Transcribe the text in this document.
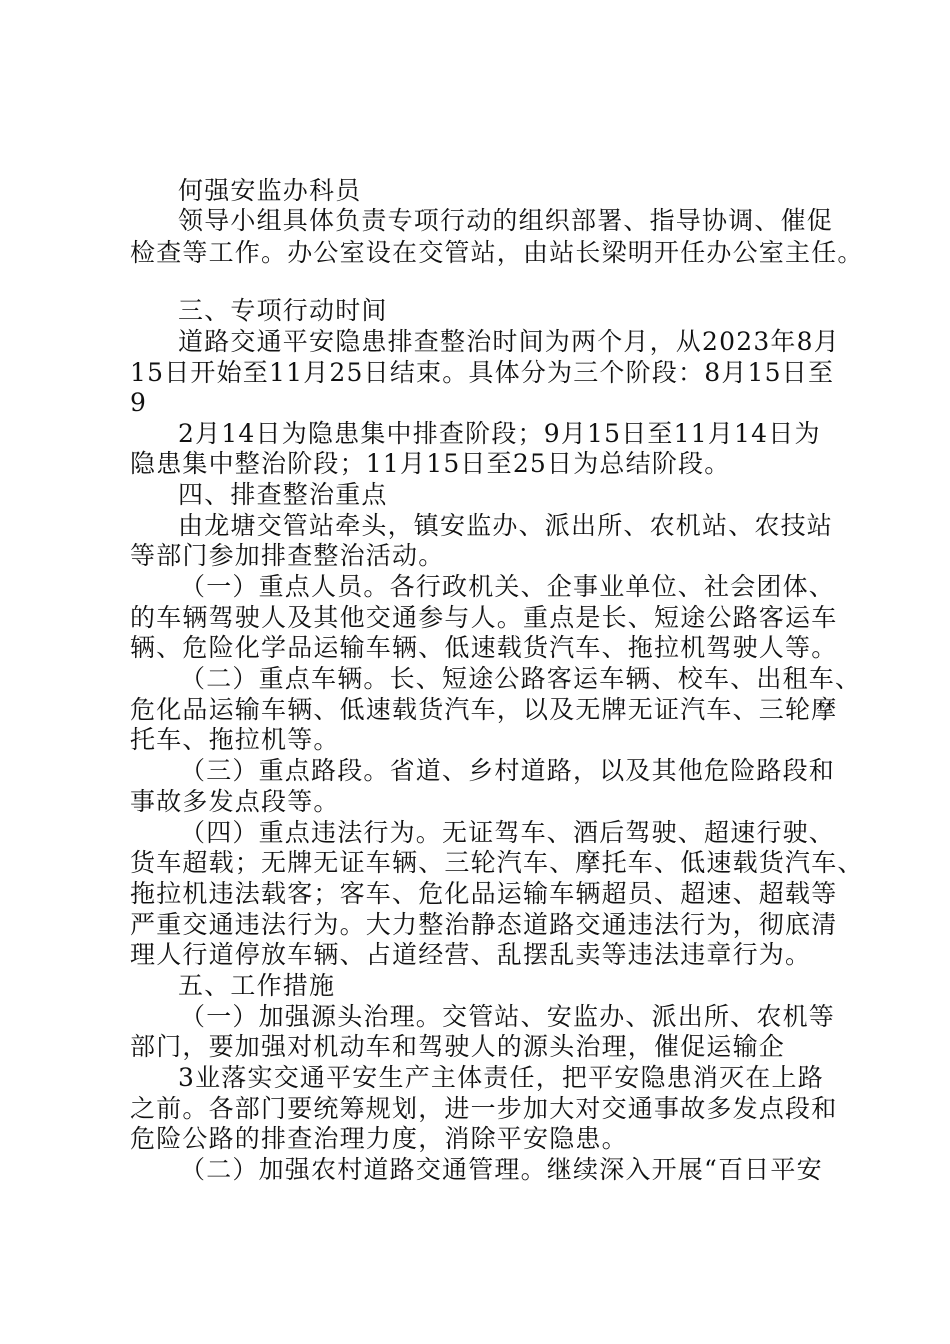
何强安监办科员
领导小组具体负责专项行动的组织部署、指导协调、催促
检查等工作。办公室设在交管站，由站长梁明开任办公室主任。
三、专项行动时间
道路交通平安隐患排查整治时间为两个月，从2023年8月
15日开始至11月25日结束。具体分为三个阶段：8月15日至
9
2月14日为隐患集中排查阶段；9月15日至11月14日为
隐患集中整治阶段；11月15日至25日为总结阶段。
四、排查整治重点
由龙塘交管站牵头，镇安监办、派出所、农机站、农技站
等部门参加排查整治活动。
（一）重点人员。各行政机关、企事业单位、社会团体、
的车辆驾驶人及其他交通参与人。重点是长、短途公路客运车
辆、危险化学品运输车辆、低速载货汽车、拖拉机驾驶人等。
（二）重点车辆。长、短途公路客运车辆、校车、出租车、
危化品运输车辆、低速载货汽车，以及无牌无证汽车、三轮摩
托车、拖拉机等。
（三）重点路段。省道、乡村道路，以及其他危险路段和
事故多发点段等。
（四）重点违法行为。无证驾车、酒后驾驶、超速行驶、
货车超载；无牌无证车辆、三轮汽车、摩托车、低速载货汽车、
拖拉机违法载客；客车、危化品运输车辆超员、超速、超载等
严重交通违法行为。大力整治静态道路交通违法行为，彻底清
理人行道停放车辆、占道经营、乱摆乱卖等违法违章行为。
五、工作措施
（一）加强源头治理。交管站、安监办、派出所、农机等
部门，要加强对机动车和驾驶人的源头治理，催促运输企
3业落实交通平安生产主体责任，把平安隐患消灭在上路
之前。各部门要统筹规划，进一步加大对交通事故多发点段和
危险公路的排查治理力度，消除平安隐患。
（二）加强农村道路交通管理。继续深入开展“百日平安
